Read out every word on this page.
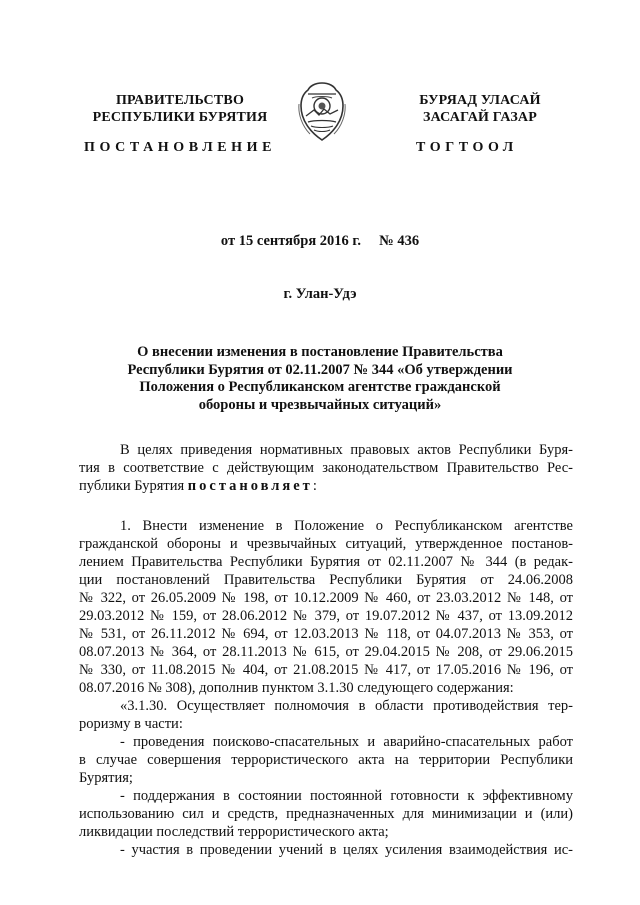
ПРАВИТЕЛЬСТВО
РЕСПУБЛИКИ БУРЯТИЯ
БУРЯАД УЛАСАЙ
ЗАСАГАЙ ГАЗАР
ПОСТАНОВЛЕНИЕ	ТОГТООЛ
от 15 сентября 2016 г.     № 436
г. Улан-Удэ
О внесении изменения в постановление Правительства
Республики Бурятия от 02.11.2007 № 344 «Об утверждении
Положения о Республиканском агентстве гражданской
обороны и чрезвычайных ситуаций»
В целях приведения нормативных правовых актов Республики Буря-
тия в соответствие с действующим законодательством Правительство Рес-
публики Бурятия постановляет:
1. Внести изменение в Положение о Республиканском агентстве
гражданской обороны и чрезвычайных ситуаций, утвержденное постанов-
лением Правительства Республики Бурятия от 02.11.2007 № 344 (в редак-
ции постановлений Правительства Республики Бурятия от 24.06.2008
№ 322, от 26.05.2009 № 198, от 10.12.2009 № 460, от 23.03.2012 № 148, от
29.03.2012 № 159, от 28.06.2012 № 379, от 19.07.2012 № 437, от 13.09.2012
№ 531, от 26.11.2012 № 694, от 12.03.2013 № 118, от 04.07.2013 № 353, от
08.07.2013 № 364, от 28.11.2013 № 615, от 29.04.2015 № 208, от 29.06.2015
№ 330, от 11.08.2015 № 404, от 21.08.2015 № 417, от 17.05.2016 № 196, от
08.07.2016 № 308), дополнив пунктом 3.1.30 следующего содержания:
«3.1.30. Осуществляет полномочия в области противодействия тер-
роризму в части:
- проведения поисково-спасательных и аварийно-спасательных работ
в случае совершения террористического акта на территории Республики
Бурятия;
- поддержания в состоянии постоянной готовности к эффективному
использованию сил и средств, предназначенных для минимизации и (или)
ликвидации последствий террористического акта;
- участия в проведении учений в целях усиления взаимодействия ис-
